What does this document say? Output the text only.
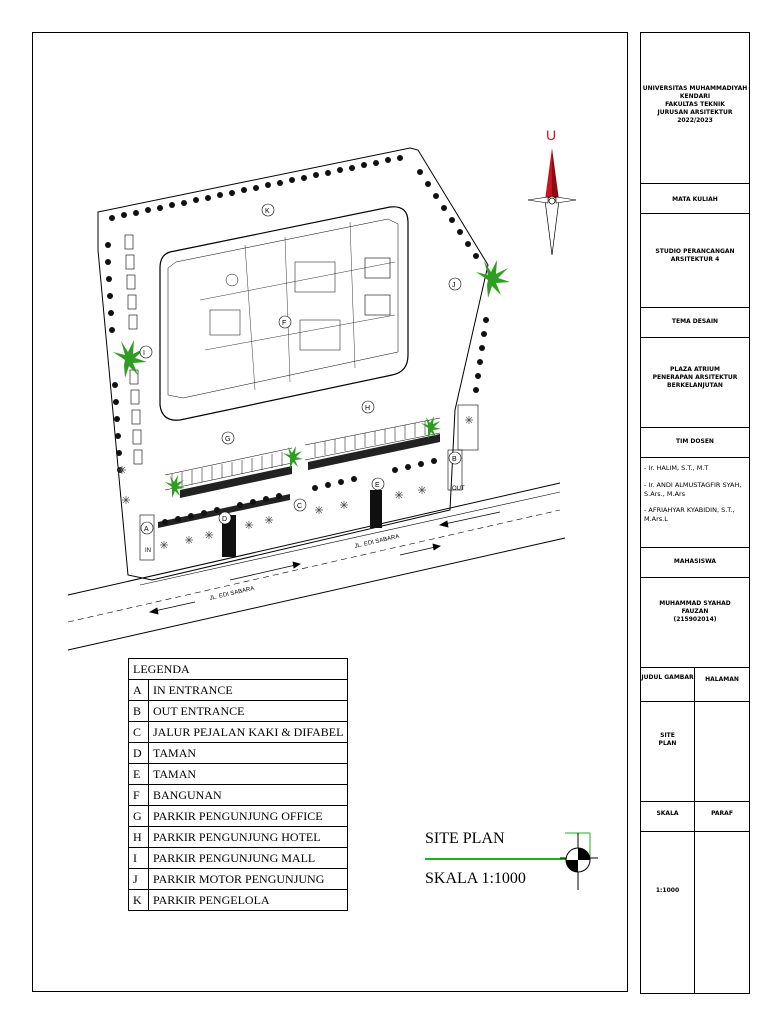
JL. EDI SABARA
JL. EDI SABARA
A
B
C
D
E
F
G
H
I
J
K
IN
OUT
U
LEGENDA	
A	IN ENTRANCE
B	OUT ENTRANCE
C	JALUR PEJALAN KAKI & DIFABEL
D	TAMAN
E	TAMAN
F	BANGUNAN
G	PARKIR PENGUNJUNG OFFICE
H	PARKIR PENGUNJUNG HOTEL
I	PARKIR PENGUNJUNG MALL
J	PARKIR MOTOR PENGUNJUNG
K	PARKIR PENGELOLA
SITE PLAN
SKALA 1:1000
UNIVERSITAS MUHAMMADIYAH
KENDARI
FAKULTAS TEKNIK
JURUSAN ARSITEKTUR
2022/2023
MATA KULIAH
STUDIO PERANCANGAN
ARSITEKTUR 4
TEMA DESAIN
PLAZA ATRIUM
PENERAPAN ARSITEKTUR
BERKELANJUTAN
TIM DOSEN
- Ir. HALIM, S.T., M.T
- Ir. ANDI ALMUSTAGFIR SYAH, S.Ars., M.Ars
- AFRIAHYAR KYABIDIN, S.T., M.Ars.L
MAHASISWA
MUHAMMAD SYAHAD
FAUZAN
(215902014)
JUDUL GAMBAR	HALAMAN
SITE
PLAN
SKALA	PARAF
1:1000
